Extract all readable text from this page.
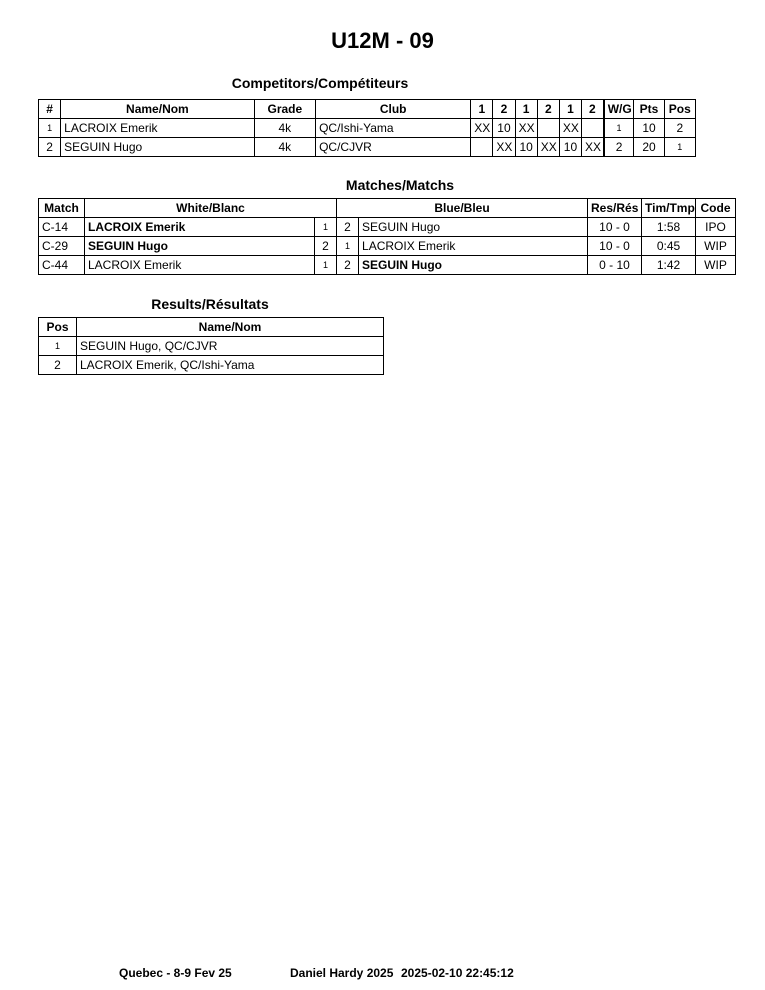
U12M - 09
Competitors/Compétiteurs
#	Name/Nom	Grade	Club	1	2	1	2	1	2	W/G	Pts	Pos
1	LACROIX Emerik	4k	QC/Ishi-Yama	XX	10	XX		XX		1	10	2
2	SEGUIN Hugo	4k	QC/CJVR		XX	10	XX	10	XX	2	20	1
Matches/Matchs
Match	White/Blanc		Blue/Bleu		Res/Rés	Tim/Tmp	Code
C-14	LACROIX Emerik	1	2	SEGUIN Hugo	10 - 0	1:58	IPO
C-29	SEGUIN Hugo	2	1	LACROIX Emerik	10 - 0	0:45	WIP
C-44	LACROIX Emerik	1	2	SEGUIN Hugo	0 - 10	1:42	WIP
Results/Résultats
Pos	Name/Nom
1	SEGUIN Hugo, QC/CJVR
2	LACROIX Emerik, QC/Ishi-Yama
Quebec - 8-9 Fev 25	Daniel Hardy 2025 2025-02-10 22:45:12
